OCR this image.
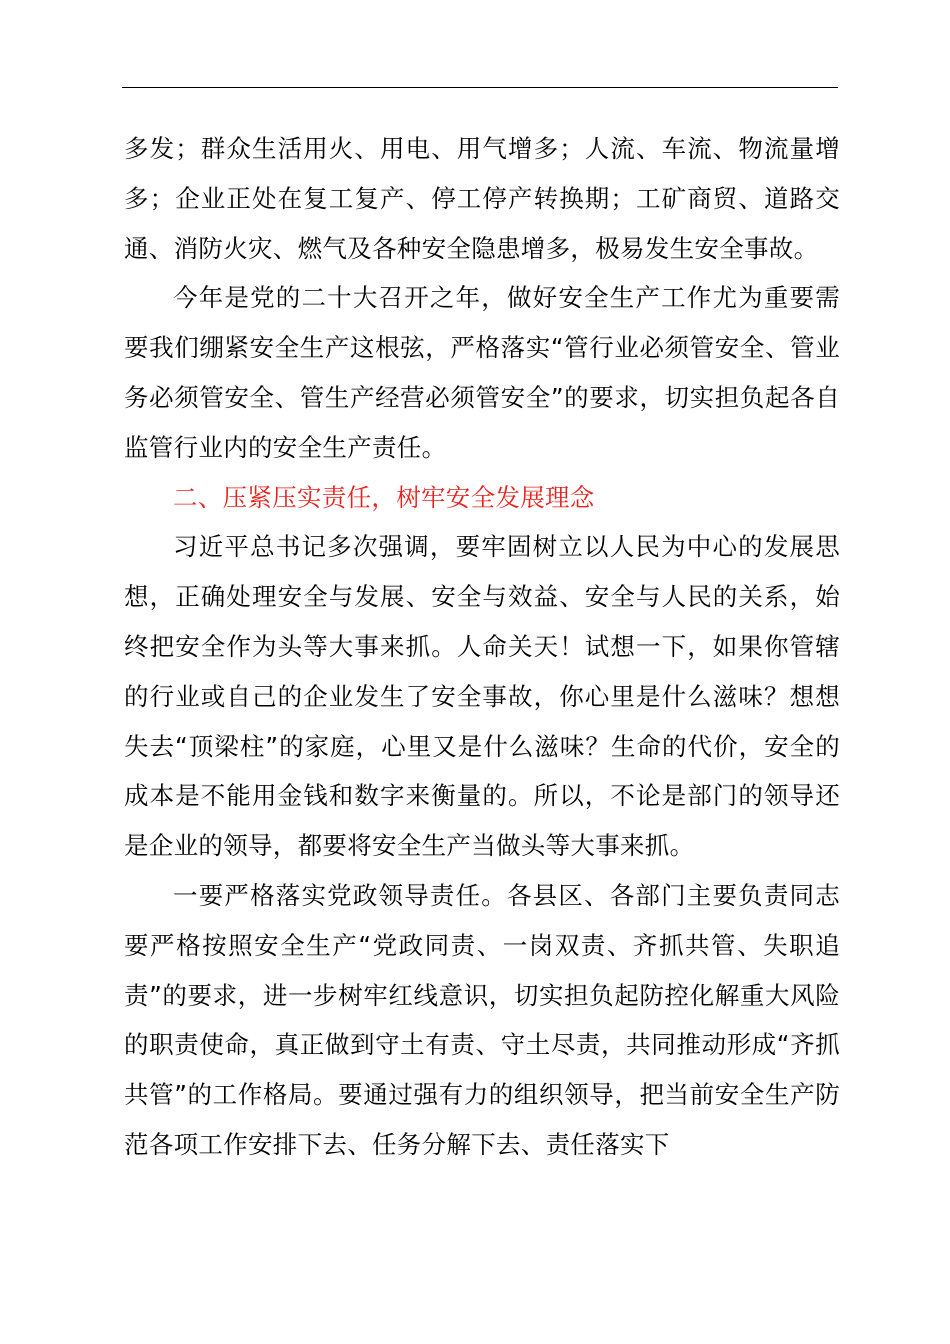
多发；群众生活用火、用电、用气增多；人流、车流、物流量增多；企业正处在复工复产、停工停产转换期；工矿商贸、道路交通、消防火灾、燃气及各种安全隐患增多，极易发生安全事故。

今年是党的二十大召开之年，做好安全生产工作尤为重要需要我们绷紧安全生产这根弦，严格落实“管行业必须管安全、管业务必须管安全、管生产经营必须管安全”的要求，切实担负起各自监管行业内的安全生产责任。

二、压紧压实责任，树牢安全发展理念

习近平总书记多次强调，要牢固树立以人民为中心的发展思想，正确处理安全与发展、安全与效益、安全与人民的关系，始终把安全作为头等大事来抓。人命关天！试想一下，如果你管辖的行业或自己的企业发生了安全事故，你心里是什么滋味？想想失去“顶梁柱”的家庭，心里又是什么滋味？生命的代价，安全的成本是不能用金钱和数字来衡量的。所以，不论是部门的领导还是企业的领导，都要将安全生产当做头等大事来抓。

一要严格落实党政领导责任。各县区、各部门主要负责同志要严格按照安全生产“党政同责、一岗双责、齐抓共管、失职追责”的要求，进一步树牢红线意识，切实担负起防控化解重大风险的职责使命，真正做到守土有责、守土尽责，共同推动形成“齐抓共管”的工作格局。要通过强有力的组织领导，把当前安全生产防范各项工作安排下去、任务分解下去、责任落实下
